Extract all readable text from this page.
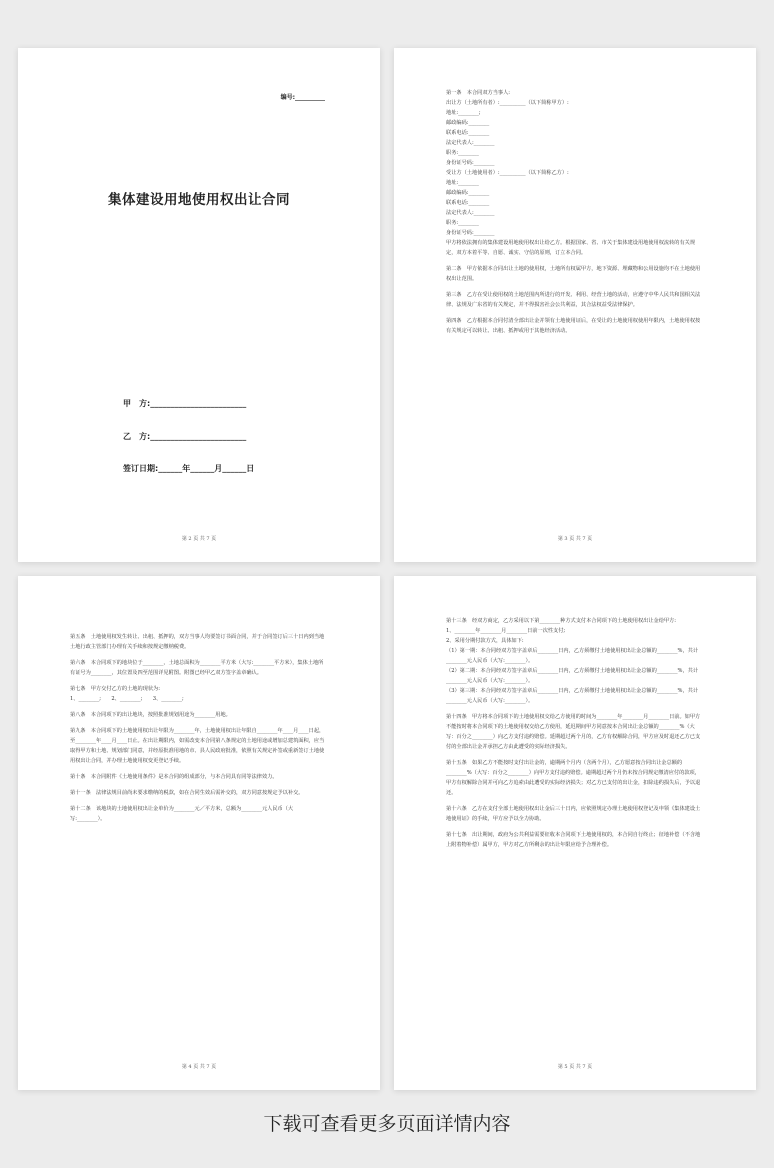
编号:__________
集体建设用地使用权出让合同
甲　方:________________________
乙　方:________________________
签订日期:______年______月______日
第 2 页 共 7 页

第一条　本合同双方当事人:

出让方（土地所有者）:__________（以下简称甲方）:

地址:________;

邮政编码:________

联系电话:________

法定代表人:________

职务:________

身份证号码:________

受让方（土地使用者）:__________（以下简称乙方）:

地址:________

邮政编码:________

联系电话:________

法定代表人:________

职务:________

身份证号码:________

甲方将依法拥有的集体建设用地使用权出让给乙方。根据国家、省、市关于集体建设用地使用权流转的有关规定，双方本着平等、自愿、诚实、守信的原则，订立本合同。

第二条　甲方依据本合同出让土地的使用权，土地所有权属甲方，地下资源、埋藏物和公用设施均不在土地使用权出让范围。

第三条　乙方在受让使用权的土地范围内所进行的开发、利用、经营土地的活动，应遵守中华人民共和国相关法律、法规及广东省的有关规定，并不得损害社会公共利益，其合法权益受法律保护。

第四条　乙方根据本合同付清全部出让金并领有土地使用证后，在受让的土地使用权使用年限内，土地使用权按有关规定可以转让、出租、抵押或用于其他经济活动。

第 3 页 共 7 页

第五条　土地使用权发生转让、出租、抵押的，双方当事人均要签订书面合同，并于合同签订后三十日内到当地土地行政主管部门办理有关手续和按规定缴纳税费。

第六条　本合同项下的地块位于________，土地总面积为________平方米（大写:________平方米），集体土地所有证号为________，其位置及四至范围详见附图。附图已经甲乙双方签字盖章确认。

第七条　甲方交付乙方的土地的现状为:

1、________;　　2、________;　　3、________;

第八条　本合同项下的出让地块，按照批准规划用途为________用地。

第九条　本合同项下的土地使用权出让年限为________年，土地使用权出让年限自________年____月____日起，至________年____月____日止。在出让期限内，如需改变本合同第八条规定的土地用途或增加总建筑面积，应当取得甲方和土地、规划部门同意，并经原批准用地的市、县人民政府批准，依照有关规定补签或重新签订土地使用权出让合同，并办理土地使用权变更登记手续。

第十条　本合同附件《土地使用条件》是本合同的组成部分，与本合同具有同等法律效力。

第十一条　法律法规目前尚未要求缴纳的税款，如在合同生效后需补交的，双方同意按规定予以补交。

第十二条　该地块的土地使用权出让金单价为________元／平方米，总额为________元人民币（大写:________）。

第 4 页 共 7 页

第十三条　经双方商定，乙方采用以下第________种方式支付本合同项下的土地使用权出让金给甲方:

1、________年________月________日前一次性支付;

2、采用分期付款方式，具体如下:

（1）第一期：本合同经双方签字盖章后________日内，乙方须缴付土地使用权出让金总额的________%，共计________元人民币（大写:________）。

（2）第二期：本合同经双方签字盖章后________日内，乙方须缴付土地使用权出让金总额的________%，共计________元人民币（大写:________）。

（3）第三期：本合同经双方签字盖章后________日内，乙方须缴付土地使用权出让金总额的________%，共计________元人民币（大写:________）。

第十四条　甲方将本合同项下的土地使用权交给乙方使用的时间为________年________月________日前。如甲方不能按时将本合同项下的土地使用权交给乙方使用，延迟期间甲方同意按本合同出让金总额的________%（大写：百分之________）向乙方支付违约赔偿。延期超过两个月的，乙方有权解除合同，甲方应及时退还乙方已支付的全部出让金并承担乙方由此遭受的实际经济损失。

第十五条　如果乙方不能按时支付出让金的，逾期两个月内（含两个月），乙方愿意按合同出让金总额的________%（大写：百分之________）向甲方支付违约赔偿。逾期超过两个月仍未按合同规定缴清应付的款项，甲方有权解除合同并可向乙方追索由此遭受的实际经济损失；对乙方已支付的出让金，扣除违约损失后，予以退还。

第十六条　乙方在支付全部土地使用权出让金后三十日内，应依照规定办理土地使用权登记及申领《集体建设土地使用证》的手续，甲方应予以全力协助。

第十七条　出让期间，政府为公共利益需要征收本合同项下土地使用权的，本合同自行终止；征地补偿（不含地上附着物补偿）属甲方，甲方对乙方所剩余的出让年限应给予合理补偿。

第 5 页 共 7 页
下载可查看更多页面详情内容
